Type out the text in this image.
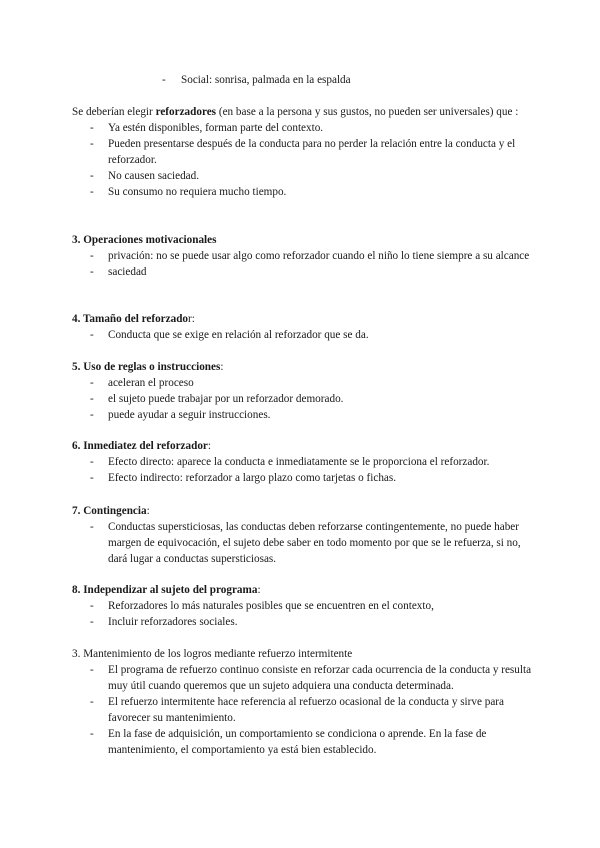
- Social: sonrisa, palmada en la espalda

Se deberían elegir reforzadores (en base a la persona y sus gustos, no pueden ser universales) que :

- Ya estén disponibles, forman parte del contexto.
- Pueden presentarse después de la conducta para no perder la relación entre la conducta y el reforzador.
- No causen saciedad.
- Su consumo no requiera mucho tiempo.

3. Operaciones motivacionales

- privación: no se puede usar algo como reforzador cuando el niño lo tiene siempre a su alcance
- saciedad

4. Tamaño del reforzador:

- Conducta que se exige en relación al reforzador que se da.

5. Uso de reglas o instrucciones:

- aceleran el proceso
- el sujeto puede trabajar por un reforzador demorado.
- puede ayudar a seguir instrucciones.

6. Inmediatez del reforzador:

- Efecto directo: aparece la conducta e inmediatamente se le proporciona el reforzador.
- Efecto indirecto: reforzador a largo plazo como tarjetas o fichas.

7. Contingencia:

- Conductas supersticiosas, las conductas deben reforzarse contingentemente, no puede haber margen de equivocación, el sujeto debe saber en todo momento por que se le refuerza, si no, dará lugar a conductas supersticiosas.

8. Independizar al sujeto del programa:

- Reforzadores lo más naturales posibles que se encuentren en el contexto,
- Incluir reforzadores sociales.

3. Mantenimiento de los logros mediante refuerzo intermitente

- El programa de refuerzo continuo consiste en reforzar cada ocurrencia de la conducta y resulta muy útil cuando queremos que un sujeto adquiera una conducta determinada.
- El refuerzo intermitente hace referencia al refuerzo ocasional de la conducta y sirve para favorecer su mantenimiento.
- En la fase de adquisición, un comportamiento se condiciona o aprende. En la fase de mantenimiento, el comportamiento ya está bien establecido.
